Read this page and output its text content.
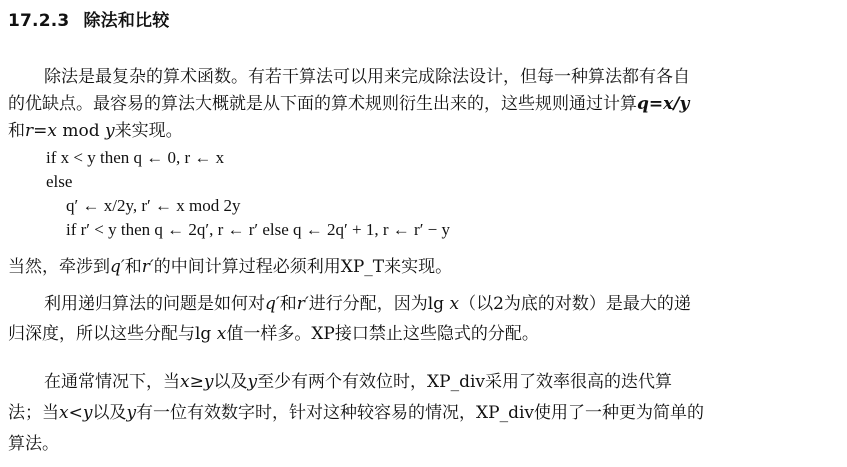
17.2.3 除法和比较
除法是最复杂的算术函数。有若干算法可以用来完成除法设计，但每一种算法都有各自
的优缺点。最容易的算法大概就是从下面的算术规则衍生出来的，这些规则通过计算q=x/y
和r=x mod y来实现。
if x < y then q ← 0, r ← x
else
q′ ← x/2y, r′ ← x mod 2y
if r′ < y then q ← 2q′, r ← r′ else q ← 2q′ + 1, r ← r′ − y
当然，牵涉到q′和r′的中间计算过程必须利用XP_T来实现。
利用递归算法的问题是如何对q′和r′进行分配，因为lg x（以2为底的对数）是最大的递
归深度，所以这些分配与lg x值一样多。XP接口禁止这些隐式的分配。
在通常情况下，当x≥y以及y至少有两个有效位时，XP_div采用了效率很高的迭代算
法；当x<y以及y有一位有效数字时，针对这种较容易的情况，XP_div使用了一种更为简单的
算法。
